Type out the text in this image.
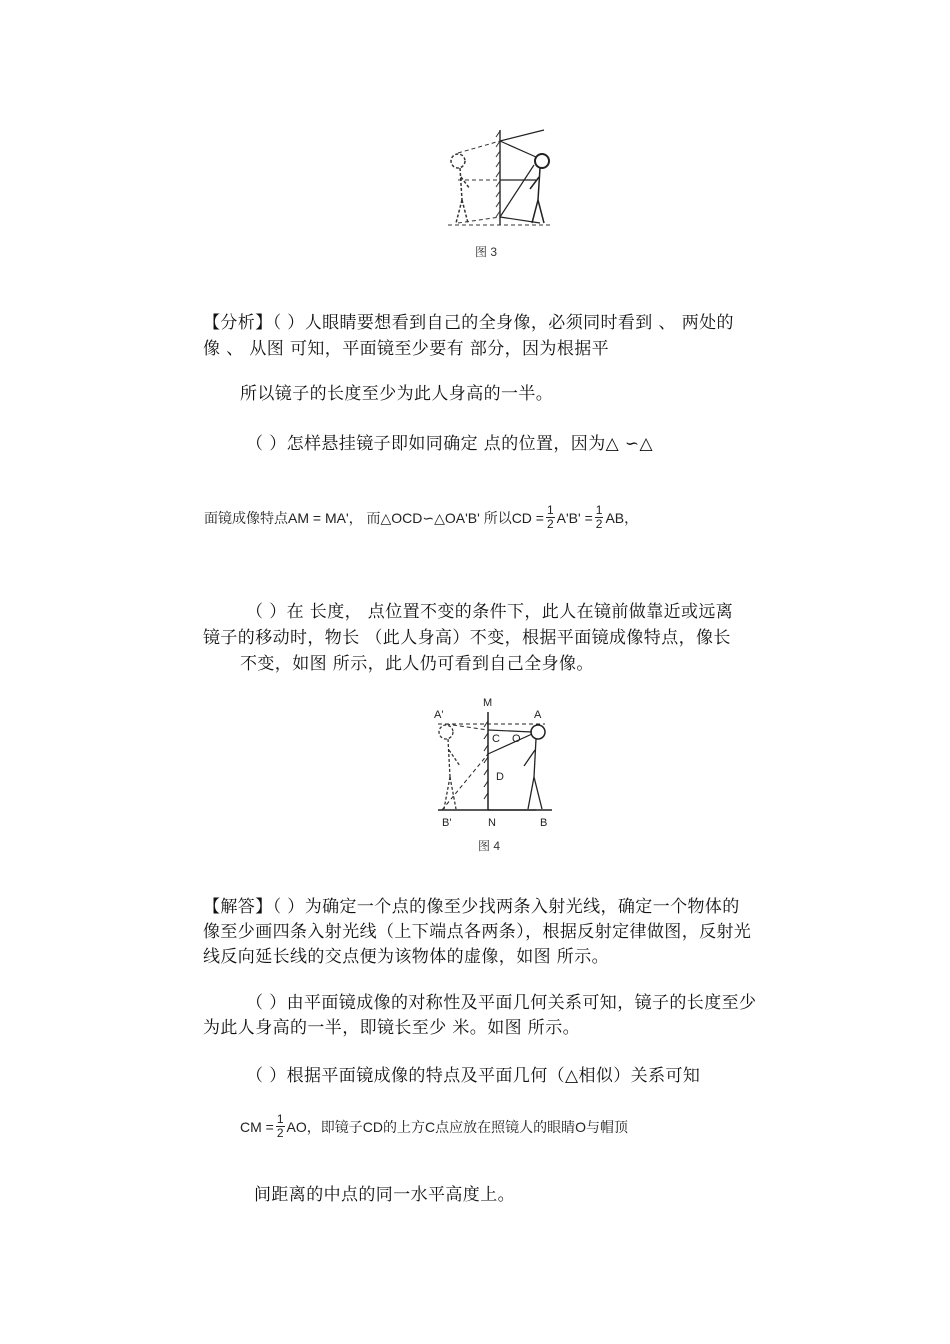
图 3
【分析】（ ）人眼睛要想看到自己的全身像，必须同时看到 、 两处的
像 、 从图 可知，平面镜至少要有 部分，因为根据平
面镜成像特点AM = MA'， 而△OCD∽△OA'B' 所以CD = $\frac{1}{2} A'B' = \frac{1}{2}$ AB，
所以镜子的长度至少为此人身高的一半。
（ ）怎样悬挂镜子即如同确定 点的位置，因为△ ∽△
（ ）在 长度， 点位置不变的条件下，此人在镜前做靠近或远离
镜子的移动时，物长 （此人身高）不变，根据平面镜成像特点，像长
不变，如图 所示，此人仍可看到自己全身像。
A'
M
A
C O
D
B'	N	B
图 4
【解答】（ ）为确定一个点的像至少找两条入射光线，确定一个物体的
像至少画四条入射光线（上下端点各两条），根据反射定律做图，反射光
线反向延长线的交点便为该物体的虚像，如图 所示。
（ ）由平面镜成像的对称性及平面几何关系可知，镜子的长度至少
为此人身高的一半，即镜长至少 米。如图 所示。
（ ）根据平面镜成像的特点及平面几何（△相似）关系可知
CM = $\frac{1}{2}$ AO，即镜子CD的上方C点应放在照镜人的眼睛O与帽顶
间距离的中点的同一水平高度上。
